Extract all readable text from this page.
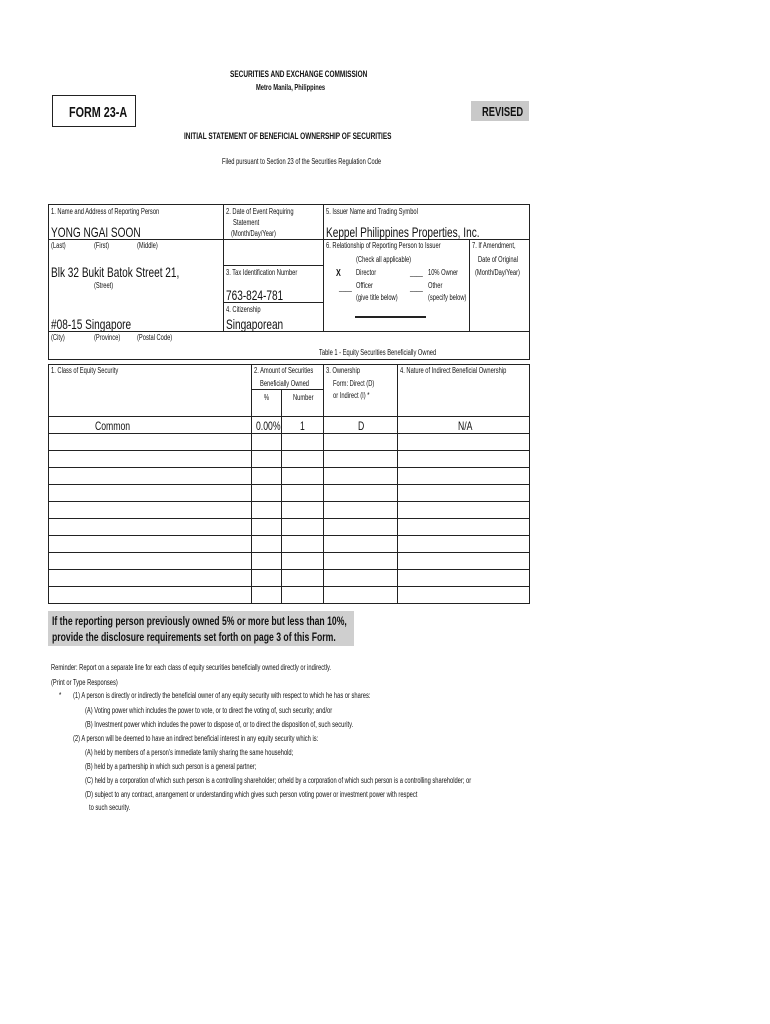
SECURITIES AND EXCHANGE COMMISSION
Metro Manila, Philippines
FORM 23-A	REVISED
INITIAL STATEMENT OF BENEFICIAL OWNERSHIP OF SECURITIES
Filed pursuant to Section 23 of the Securities Regulation Code
1. Name and Address of Reporting Person
YONG NGAI SOON
(Last)	(First)	(Middle)
Blk 32 Bukit Batok Street 21,
(Street)
#08-15 Singapore
(City)	(Province) (Postal Code)
2. Date of Event Requiring
Statement
(Month/Day/Year)
3. Tax Identification Number
763-824-781
4. Citizenship
Singaporean
5. Issuer Name and Trading Symbol
Keppel Philippines Properties, Inc.
6. Relationship of Reporting Person to Issuer
(Check all applicable)
X Director	____ 10% Owner
____ Officer	____ Other
(give title below)	(specify below)
7. If Amendment,
Date of Original
(Month/Day/Year)
Table 1 - Equity Securities Beneficially Owned
1. Class of Equity Security	2. Amount of Securities
Beneficially Owned
%	Number
3. Ownership
Form: Direct (D)
or Indirect (I) *
4. Nature of Indirect Beneficial Ownership
Common	0.00% 1	D	N/A
If the reporting person previously owned 5% or more but less than 10%,
provide the disclosure requirements set forth on page 3 of this Form.
Reminder: Report on a separate line for each class of equity securities beneficially owned directly or indirectly.
(Print or Type Responses)
* (1) A person is directly or indirectly the beneficial owner of any equity security with respect to which he has or shares:
(A) Voting power which includes the power to vote, or to direct the voting of, such security; and/or
(B) Investment power which includes the power to dispose of, or to direct the disposition of, such security.
(2) A person will be deemed to have an indirect beneficial interest in any equity security which is:
(A) held by members of a person's immediate family sharing the same household;
(B) held by a partnership in which such person is a general partner;
(C) held by a corporation of which such person is a controlling shareholder; orheld by a corporation of which such person is a controlling shareholder; or
(D) subject to any contract, arrangement or understanding which gives such person voting power or investment power with respect
to such security.
